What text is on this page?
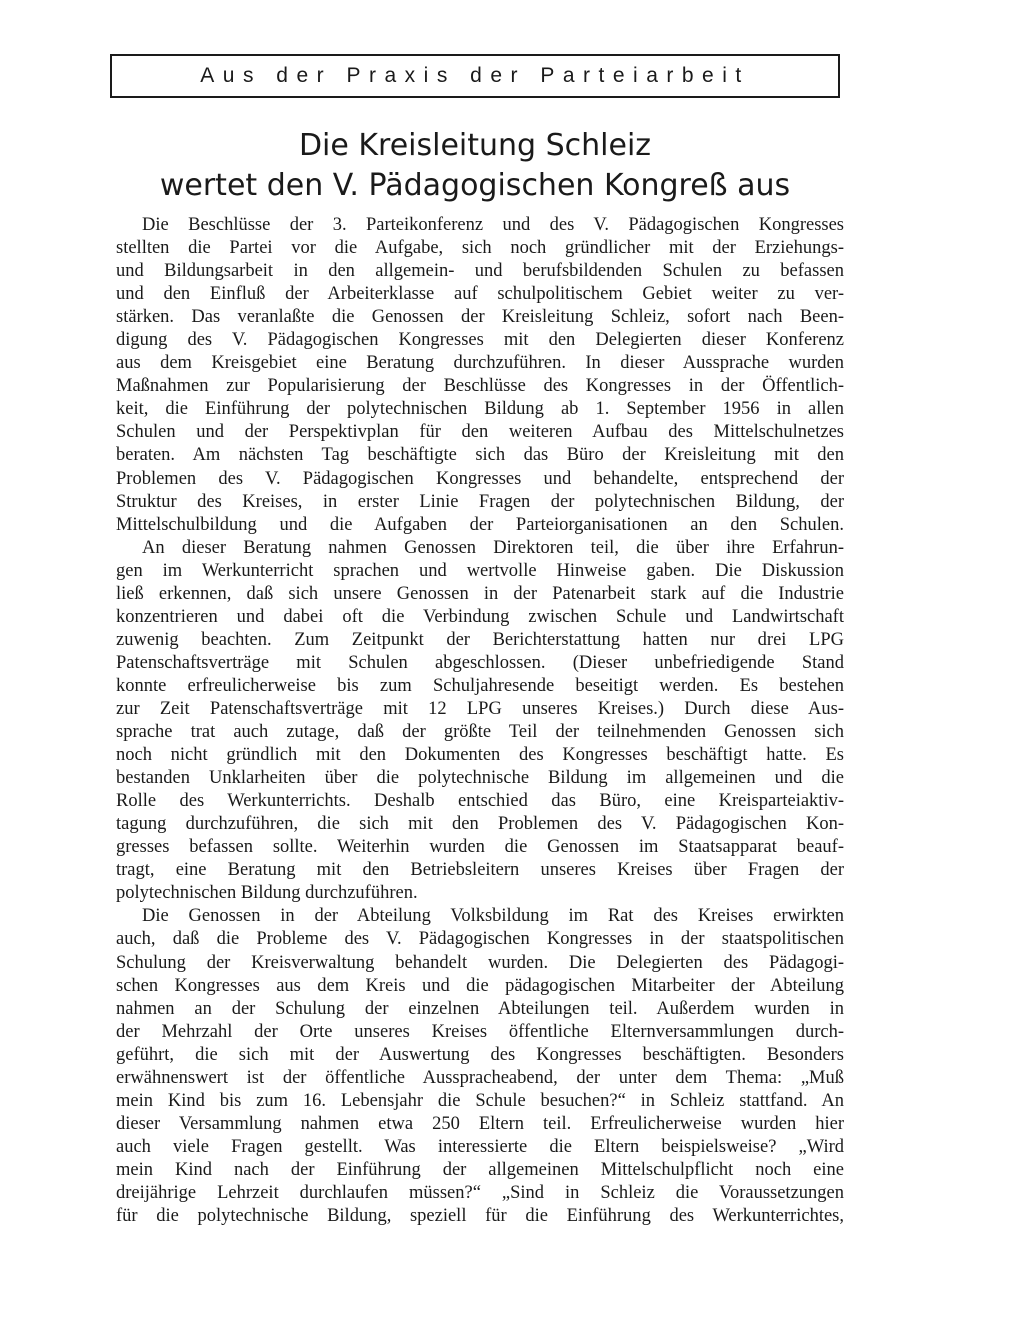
Aus der Praxis der Parteiarbeit
Die Kreisleitung Schleiz
wertet den V. Pädagogischen Kongreß aus
Die Beschlüsse der 3. Parteikonferenz und des V. Pädagogischen Kongresses
stellten die Partei vor die Aufgabe, sich noch gründlicher mit der Erziehungs-
und Bildungsarbeit in den allgemein- und berufsbildenden Schulen zu befassen
und den Einfluß der Arbeiterklasse auf schulpolitischem Gebiet weiter zu ver-
stärken. Das veranlaßte die Genossen der Kreisleitung Schleiz, sofort nach Been-
digung des V. Pädagogischen Kongresses mit den Delegierten dieser Konferenz
aus dem Kreisgebiet eine Beratung durchzuführen. In dieser Aussprache wurden
Maßnahmen zur Popularisierung der Beschlüsse des Kongresses in der Öffentlich-
keit, die Einführung der polytechnischen Bildung ab 1. September 1956 in allen
Schulen und der Perspektivplan für den weiteren Aufbau des Mittelschulnetzes
beraten. Am nächsten Tag beschäftigte sich das Büro der Kreisleitung mit den
Problemen des V. Pädagogischen Kongresses und behandelte, entsprechend der
Struktur des Kreises, in erster Linie Fragen der polytechnischen Bildung, der
Mittelschulbildung und die Aufgaben der Parteiorganisationen an den Schulen.
An dieser Beratung nahmen Genossen Direktoren teil, die über ihre Erfahrun-
gen im Werkunterricht sprachen und wertvolle Hinweise gaben. Die Diskussion
ließ erkennen, daß sich unsere Genossen in der Patenarbeit stark auf die Industrie
konzentrieren und dabei oft die Verbindung zwischen Schule und Landwirtschaft
zuwenig beachten. Zum Zeitpunkt der Berichterstattung hatten nur drei LPG
Patenschaftsverträge mit Schulen abgeschlossen. (Dieser unbefriedigende Stand
konnte erfreulicherweise bis zum Schuljahresende beseitigt werden. Es bestehen
zur Zeit Patenschaftsverträge mit 12 LPG unseres Kreises.) Durch diese Aus-
sprache trat auch zutage, daß der größte Teil der teilnehmenden Genossen sich
noch nicht gründlich mit den Dokumenten des Kongresses beschäftigt hatte. Es
bestanden Unklarheiten über die polytechnische Bildung im allgemeinen und die
Rolle des Werkunterrichts. Deshalb entschied das Büro, eine Kreisparteiaktiv-
tagung durchzuführen, die sich mit den Problemen des V. Pädagogischen Kon-
gresses befassen sollte. Weiterhin wurden die Genossen im Staatsapparat beauf-
tragt, eine Beratung mit den Betriebsleitern unseres Kreises über Fragen der
polytechnischen Bildung durchzuführen.
Die Genossen in der Abteilung Volksbildung im Rat des Kreises erwirkten
auch, daß die Probleme des V. Pädagogischen Kongresses in der staatspolitischen
Schulung der Kreisverwaltung behandelt wurden. Die Delegierten des Pädagogi-
schen Kongresses aus dem Kreis und die pädagogischen Mitarbeiter der Abteilung
nahmen an der Schulung der einzelnen Abteilungen teil. Außerdem wurden in
der Mehrzahl der Orte unseres Kreises öffentliche Elternversammlungen durch-
geführt, die sich mit der Auswertung des Kongresses beschäftigten. Besonders
erwähnenswert ist der öffentliche Ausspracheabend, der unter dem Thema: „Muß
mein Kind bis zum 16. Lebensjahr die Schule besuchen?“ in Schleiz stattfand. An
dieser Versammlung nahmen etwa 250 Eltern teil. Erfreulicherweise wurden hier
auch viele Fragen gestellt. Was interessierte die Eltern beispielsweise? „Wird
mein Kind nach der Einführung der allgemeinen Mittelschulpflicht noch eine
dreijährige Lehrzeit durchlaufen müssen?“ „Sind in Schleiz die Voraussetzungen
für die polytechnische Bildung, speziell für die Einführung des Werkunterrichtes,
